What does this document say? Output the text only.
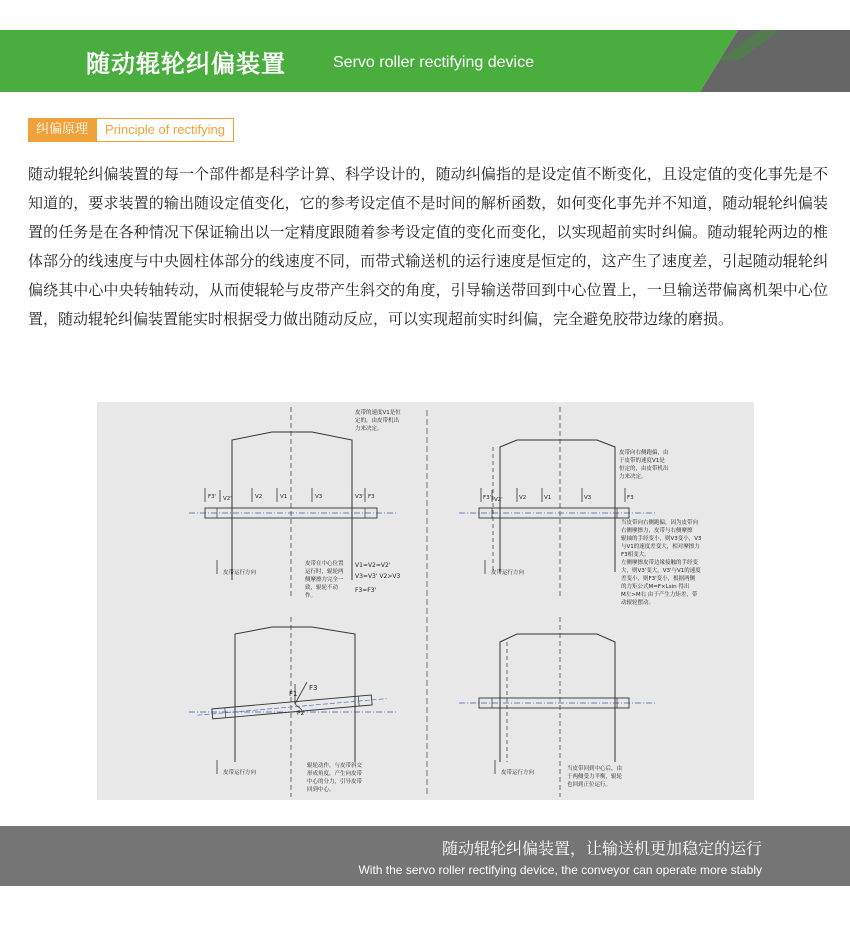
随动辊轮纠偏装置	Servo roller rectifying device
纠偏原理	Principle of rectifying
随动辊轮纠偏装置的每一个部件都是科学计算、科学设计的，随动纠偏指的是设定值不断变化，且设定值的变化事先是不知道的，要求装置的输出随设定值变化，它的参考设定值不是时间的解析函数，如何变化事先并不知道，随动辊轮纠偏装置的任务是在各种情况下保证输出以一定精度跟随着参考设定值的变化而变化，以实现超前实时纠偏。随动辊轮两边的椎体部分的线速度与中央圆柱体部分的线速度不同，而带式输送机的运行速度是恒定的，这产生了速度差，引起随动辊轮纠偏绕其中心中央转轴转动，从而使辊轮与皮带产生斜交的角度，引导输送带回到中心位置上，一旦输送带偏离机架中心位置，随动辊轮纠偏装置能实时根据受力做出随动反应，可以实现超前实时纠偏，完全避免胶带边缘的磨损。
F3' V2'	V2	V1	V3	V3' F3
皮带运行方向
皮带的速度V1是恒
定的，由皮带机出
力来决定。
皮带在中心位置
运行时，辊轮两
侧摩擦力完全一
致，辊轮不动
作。
V1=V2=V2'
V3=V3' V2>V3
F3=F3'
F3' V2'	V2	V1	V3	F3
皮带运行方向
皮带向右侧跑偏，由
于皮带的速度V1是
恒定的，由皮带机出
力来决定。
当皮带向右侧跑偏，因为皮带向
右侧摩擦力，皮带与右侧摩擦
辊轴的手经变小，则V3变小，V3
与V1的速度差变大，相对摩擦力
F3相变大。
左侧摩擦皮带边缘接触的手经变
大，则V3'变大，V3'与V1的速度
差变小，则F3'变小，根据两侧
的力矩公式M=F×Lsin 得出
M左>M右 由于产生力矩差，带
动辊轮摆动。
F3
F1
F2
皮带运行方向
辊轮动作，与皮带斜交
形成角度，产生向皮带
中心的分力，引导皮带
回到中心。
皮带运行方向
当皮带回到中心后，由
于两侧受力平衡，辊轮
也回到正位运行。
随动辊轮纠偏装置，让输送机更加稳定的运行
With the servo roller rectifying device, the conveyor can operate more stably
